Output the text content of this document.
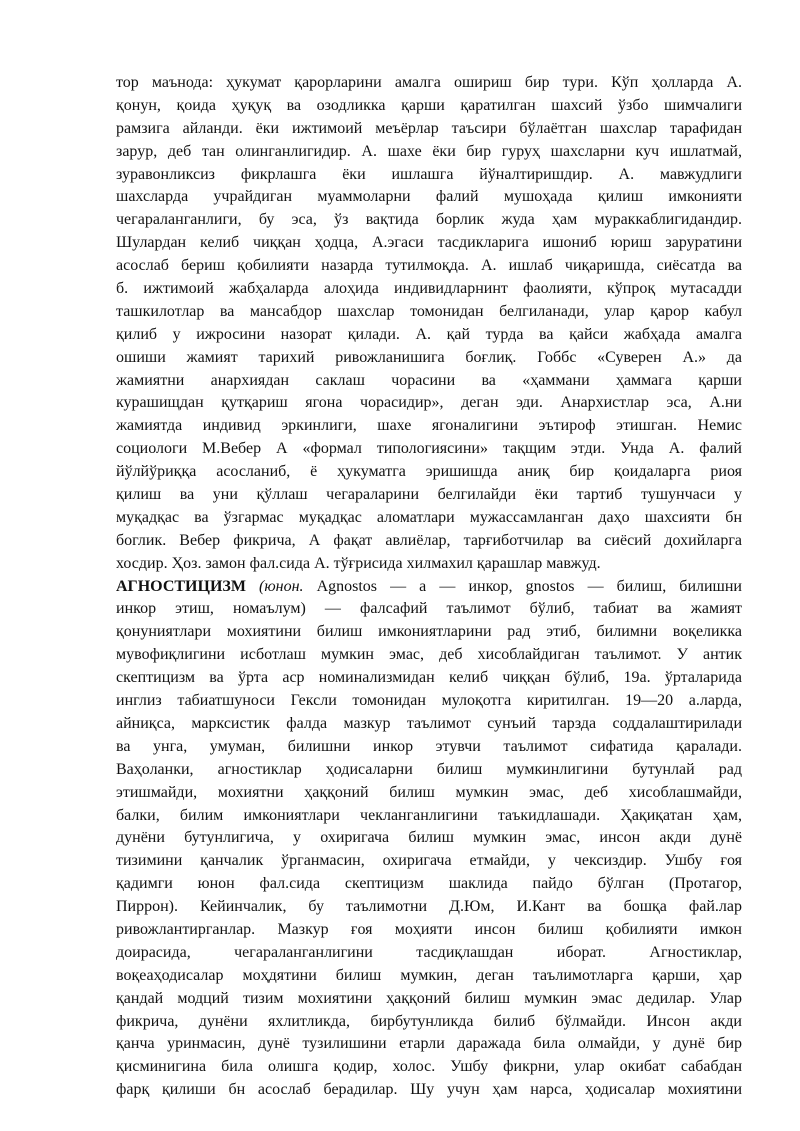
тор маънода: ҳукумат қарорларини амалга ошириш бир тури. Кўп ҳолларда А.
қонун, қоида ҳуқуқ ва озодликка қарши қаратилган шахсий ўзбо шимчалиги
рамзига айланди. ёки ижтимоий меъёрлар таъсири бўлаётган шахслар тарафидан
зарур, деб тан олинганлигидир. А. шахе ёки бир гуруҳ шахсларни куч ишлатмай,
зуравонликсиз фикрлашга ёки ишлашга йўналтиришдир. А. мавжудлиги
шахсларда учрайдиган муаммоларни фалий мушоҳада қилиш имконияти
чегараланганлиги, бу эса, ўз вақтида борлик жуда ҳам мураккаблигидандир.
Шулардан келиб чиққан ҳодца, А.эгаси тасдикларига ишониб юриш заруратини
асослаб бериш қобилияти назарда тутилмоқда. А. ишлаб чиқаришда, сиёсатда ва
б. ижтимоий жабҳаларда алоҳида индивидларнинт фаолияти, кўпроқ мутасадди
ташкилотлар ва мансабдор шахслар томонидан белгиланади, улар қарор кабул
қилиб у ижросини назорат қилади. А. қай турда ва қайси жабҳада амалга
ошиши жамият тарихий ривожланишига боғлиқ. Гоббс «Суверен А.» да
жамиятни анархиядан саклаш чорасини ва «ҳаммани ҳаммага қарши
курашищдан қутқариш ягона чорасидир», деган эди. Анархистлар эса, А.ни
жамиятда индивид эркинлиги, шахе ягоналигини эътироф этишган. Немис
социологи М.Вебер А «формал типологиясини» тақщим этди. Унда А. фалий
йўлйўриққа асосланиб, ё ҳукуматга эришишда аниқ бир қоидаларга риоя
қилиш ва уни қўллаш чегараларини белгилайди ёки тартиб тушунчаси у
муқадқас ва ўзгармас муқадқас аломатлари мужассамланган даҳо шахсияти бн
боглик. Вебер фикрича, А фақат авлиёлар, тарғиботчилар ва сиёсий дохийларга
хосдир. Ҳоз. замон фал.сида А. тўғрисида хилмахил қарашлар мавжуд.
АГНОСТИЦИЗМ (юнон. Agnostos — а — инкор, gnostos — билиш, билишни
инкор этиш, номаълум) — фалсафий таълимот бўлиб, табиат ва жамият
қонуниятлари мохиятини билиш имкониятларини рад этиб, билимни воқеликка
мувофиқлигини исботлаш мумкин эмас, деб хисоблайдиган таълимот. У антик
скептицизм ва ўрта аср номинализмидан келиб чиққан бўлиб, 19а. ўрталарида
инглиз табиатшуноси Гексли томонидан мулоқотга киритилган. 19—20 а.ларда,
айниқса, марксистик фалда мазкур таълимот сунъий тарзда соддалаштирилади
ва унга, умуман, билишни инкор этувчи таълимот сифатида қаралади.
Ваҳоланки, агностиклар ҳодисаларни билиш мумкинлигини бутунлай рад
этишмайди, мохиятни ҳаққоний билиш мумкин эмас, деб хисоблашмайди,
балки, билим имкониятлари чекланганлигини таъкидлашади. Ҳақиқатан ҳам,
дунёни бутунлигича, у охиригача билиш мумкин эмас, инсон акди дунё
тизимини қанчалик ўрганмасин, охиригача етмайди, у чексиздир. Ушбу ғоя
қадимги юнон фал.сида скептицизм шаклида пайдо бўлган (Протагор,
Пиррон). Кейинчалик, бу таълимотни Д.Юм, И.Кант ва бошқа фай.лар
ривожлантирганлар. Мазкур ғоя моҳияти инсон билиш қобилияти имкон
доирасида, чегараланганлигини тасдиқлашдан иборат. Агностиклар,
воқеаҳодисалар моҳдятини билиш мумкин, деган таълимотларга қарши, ҳар
қандай модций тизим мохиятини ҳаққоний билиш мумкин эмас дедилар. Улар
фикрича, дунёни яхлитликда, бирбутунликда билиб бўлмайди. Инсон акди
қанча уринмасин, дунё тузилишини етарли даражада била олмайди, у дунё бир
қисминигина била олишга қодир, холос. Ушбу фикрни, улар окибат сабабдан
фарқ қилиши бн асослаб берадилар. Шу учун ҳам нарса, ҳодисалар мохиятини
